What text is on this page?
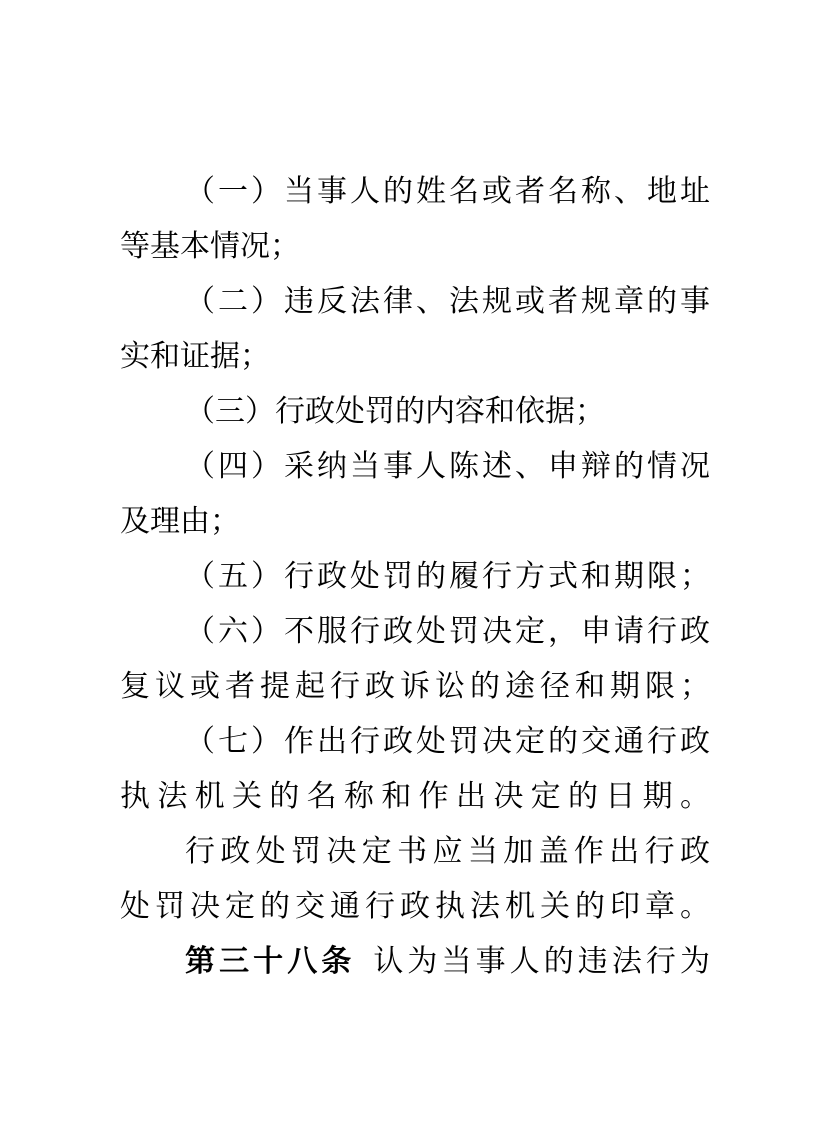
（一）当事人的姓名或者名称、地址
等基本情况；
（二）违反法律、法规或者规章的事
实和证据；
（三）行政处罚的内容和依据；
（四）采纳当事人陈述、申辩的情况
及理由；
（五）行政处罚的履行方式和期限；
（六）不服行政处罚决定，申请行政
复议或者提起行政诉讼的途径和期限；
（七）作出行政处罚决定的交通行政
执法机关的名称和作出决定的日期。
行政处罚决定书应当加盖作出行政
处罚决定的交通行政执法机关的印章。
第三十八条 认为当事人的违法行为
